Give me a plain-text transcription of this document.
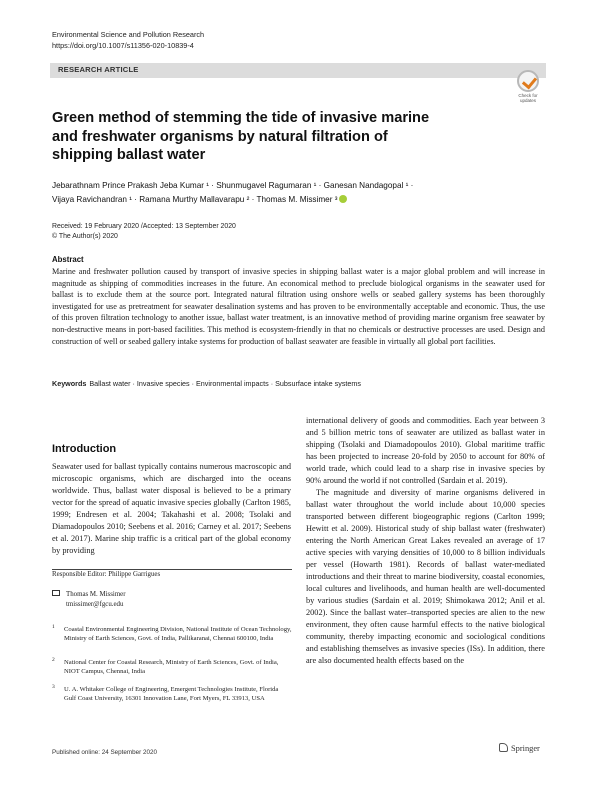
Environmental Science and Pollution Research
https://doi.org/10.1007/s11356-020-10839-4
RESEARCH ARTICLE
Check for
updates
Green method of stemming the tide of invasive marine and freshwater organisms by natural filtration of shipping ballast water
Jebarathnam Prince Prakash Jeba Kumar ¹ · Shunmugavel Ragumaran ¹ · Ganesan Nandagopal ¹ ·
Vijaya Ravichandran ¹ · Ramana Murthy Mallavarapu ² · Thomas M. Missimer ³
Received: 19 February 2020 /Accepted: 13 September 2020
© The Author(s) 2020
Abstract

Marine and freshwater pollution caused by transport of invasive species in shipping ballast water is a major global problem and will increase in magnitude as shipping of commodities increases in the future. An economical method to preclude biological organisms in the seawater used for ballast is to exclude them at the source port. Integrated natural filtration using onshore wells or seabed gallery systems has been thoroughly investigated for use as pretreatment for seawater desalination systems and has proven to be environmentally acceptable and economic. Thus, the use of this proven filtration technology to another issue, ballast water treatment, is an innovative method of providing marine organism free seawater by non-destructive means in port-based facilities. This method is ecosystem-friendly in that no chemicals or destructive processes are used. Design and construction of well or seabed gallery intake systems for production of ballast seawater are feasible in virtually all global port facilities.

Keywords Ballast water · Invasive species · Environmental impacts · Subsurface intake systems
Introduction

Seawater used for ballast typically contains numerous macroscopic and microscopic organisms, which are discharged into the oceans worldwide. Thus, ballast water disposal is believed to be a primary vector for the spread of aquatic invasive species globally (Carlton 1985, 1999; Endresen et al. 2004; Takahashi et al. 2008; Tsolaki and Diamadopoulos 2010; Seebens et al. 2016; Carney et al. 2017; Seebens et al. 2017). Marine ship traffic is a critical part of the global economy by providing

international delivery of goods and commodities. Each year between 3 and 5 billion metric tons of seawater are utilized as ballast water in shipping (Tsolaki and Diamadopoulos 2010). Global maritime traffic has been projected to increase 20-fold by 2050 to account for 80% of world trade, which could lead to a sharp rise in invasive species by 90% around the world if not controlled (Sardain et al. 2019).

The magnitude and diversity of marine organisms delivered in ballast water throughout the world include about 10,000 species transported between different biogeographic regions (Carlton 1999; Hewitt et al. 2009). Historical study of ship ballast water (freshwater) entering the North American Great Lakes revealed an average of 17 active species with varying densities of 10,000 to 8 billion individuals per vessel (Howarth 1981). Records of ballast water-mediated introductions and their threat to marine biodiversity, coastal economies, local cultures and livelihoods, and human health are well-documented by various studies (Sardain et al. 2019; Shimokawa 2012; Anil et al. 2002). Since the ballast water–transported species are alien to the new environment, they often cause harmful effects to the native biological community, thereby impacting economic and sociological conditions and establishing themselves as invasive species (ISs). In addition, there are also documented health effects based on the

Responsible Editor: Philippe Garrigues
Thomas M. Missimer
tmissimer@fgcu.edu
1	Coastal Environmental Engineering Division, National Institute of Ocean Technology, Ministry of Earth Sciences, Govt. of India, Pallikaranai, Chennai 600100, India
2	National Center for Coastal Research, Ministry of Earth Sciences, Govt. of India, NIOT Campus, Chennai, India
3	U. A. Whitaker College of Engineering, Emergent Technologies Institute, Florida Gulf Coast University, 16301 Innovation Lane, Fort Myers, FL 33913, USA
Published online: 24 September 2020	Springer
